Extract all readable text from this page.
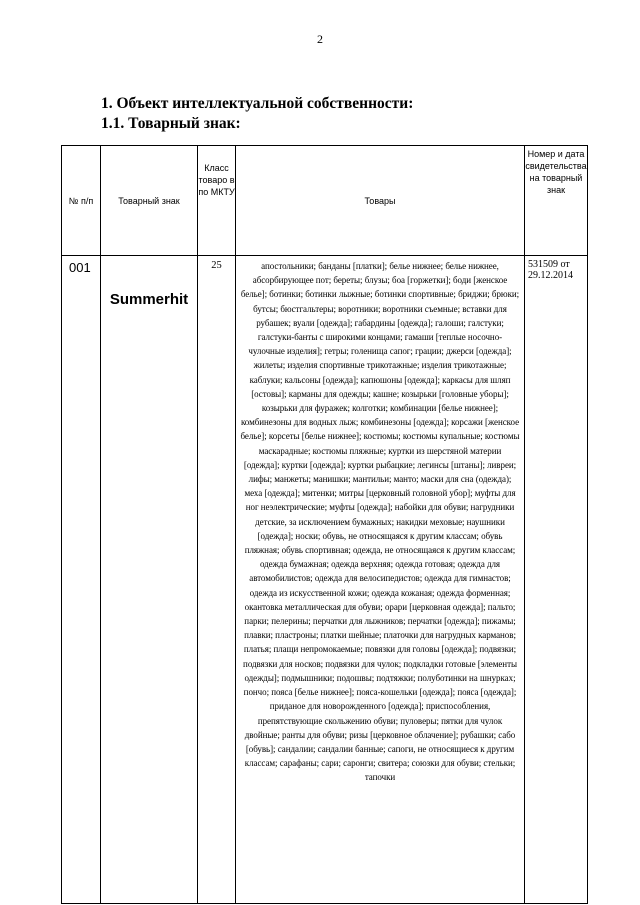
2
1. Объект интеллектуальной собственности:
1.1. Товарный знак:
№ п/п	Товарный знак	Класс товаро в по МКТУ	Товары	Номер и дата свидетельства на товарный знак
001	Summerhit	25	апостольники; банданы [платки]; белье нижнее; белье нижнее, абсорбирующее пот; береты; блузы; боа [горжетки]; боди [женское белье]; ботинки; ботинки лыжные; ботинки спортивные; бриджи; брюки; бутсы; бюстгальтеры; воротники; воротники съемные; вставки для рубашек; вуали [одежда]; габардины [одежда]; галоши; галстуки; галстуки-банты с широкими концами; гамаши [теплые носочно-чулочные изделия]; гетры; голенища сапог; грации; джерси [одежда]; жилеты; изделия спортивные трикотажные; изделия трикотажные; каблуки; кальсоны [одежда]; капюшоны [одежда]; каркасы для шляп [остовы]; карманы для одежды; кашне; козырьки [головные уборы]; козырьки для фуражек; колготки; комбинации [белье нижнее]; комбинезоны для водных лыж; комбинезоны [одежда]; корсажи [женское белье]; корсеты [белье нижнее]; костюмы; костюмы купальные; костюмы маскарадные; костюмы пляжные; куртки из шерстяной материи [одежда]; куртки [одежда]; куртки рыбацкие; легинсы [штаны]; ливреи; лифы; манжеты; манишки; мантильи; манто; маски для сна (одежда); меха [одежда]; митенки; митры [церковный головной убор]; муфты для ног неэлектрические; муфты [одежда]; набойки для обуви; нагрудники детские, за исключением бумажных; накидки меховые; наушники [одежда]; носки; обувь, не относящаяся к другим классам; обувь пляжная; обувь спортивная; одежда, не относящаяся к другим классам; одежда бумажная; одежда верхняя; одежда готовая; одежда для автомобилистов; одежда для велосипедистов; одежда для гимнастов; одежда из искусственной кожи; одежда кожаная; одежда форменная; окантовка металлическая для обуви; орари [церковная одежда]; пальто; парки; пелерины; перчатки для лыжников; перчатки [одежда]; пижамы; плавки; пластроны; платки шейные; платочки для нагрудных карманов; платья; плащи непромокаемые; повязки для головы [одежда]; подвязки; подвязки для носков; подвязки для чулок; подкладки готовые [элементы одежды]; подмышники; подошвы; подтяжки; полуботинки на шнурках; пончо; пояса [белье нижнее]; пояса-кошельки [одежда]; пояса [одежда]; приданое для новорожденного [одежда]; приспособления, препятствующие скольжению обуви; пуловеры; пятки для чулок двойные; ранты для обуви; ризы [церковное облачение]; рубашки; сабо [обувь]; сандалии; сандалии банные; сапоги, не относящиеся к другим классам; сарафаны; сари; саронги; свитера; союзки для обуви; стельки; тапочки	531509 от 29.12.2014
